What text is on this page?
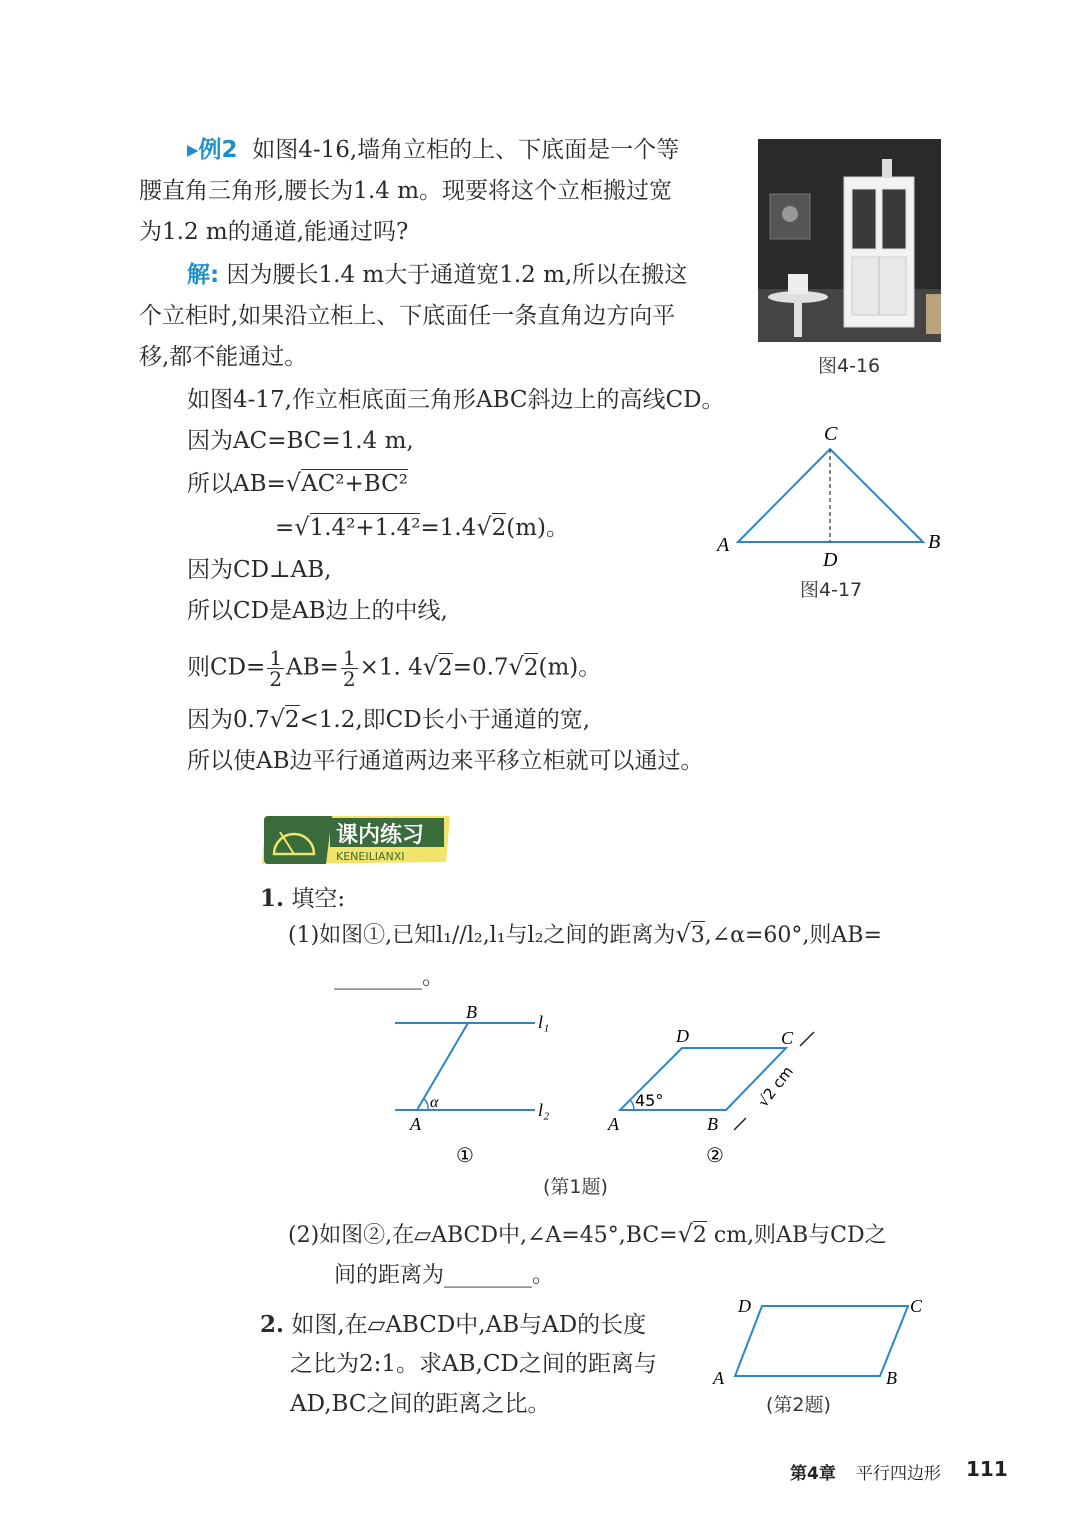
▸例2 如图4-16,墙角立柜的上、下底面是一个等
腰直角三角形,腰长为1.4 m。现要将这个立柜搬过宽
为1.2 m的通道,能通过吗?
解: 因为腰长1.4 m大于通道宽1.2 m,所以在搬这
个立柜时,如果沿立柜上、下底面任一条直角边方向平
移,都不能通过。
如图4-17,作立柜底面三角形ABC斜边上的高线CD。
因为AC=BC=1.4 m,
所以AB=√AC²+BC²
=√1.4²+1.4²=1.4√2(m)。
因为CD⊥AB,
所以CD是AB边上的中线,
则$CD= \frac{1}{2} AB= \frac{1}{2} \times 1$. 4√2=0.7√2(m)。
因为0.7√2<1.2,即CD长小于通道的宽,
所以使AB边平行通道两边来平移立柜就可以通过。
图4-16
A	B
C
D
图4-17
课内练习
KENEILIANXI
1. 填空:
(1)如图①,已知l₁//l₂,l₁与l₂之间的距离为√3,∠α=60°,则AB=
________。
B
A
l₁
l₂
α
①
D	C
A	B
45°	√2 cm
②
(第1题)
(2)如图②,在▱ABCD中,∠A=45°,BC=√2 cm,则AB与CD之
间的距离为________。
2. 如图,在▱ABCD中,AB与AD的长度
之比为2:1。求AB,CD之间的距离与
AD,BC之间的距离之比。
D	C
A	B
(第2题)
第4章 平行四边形 111
